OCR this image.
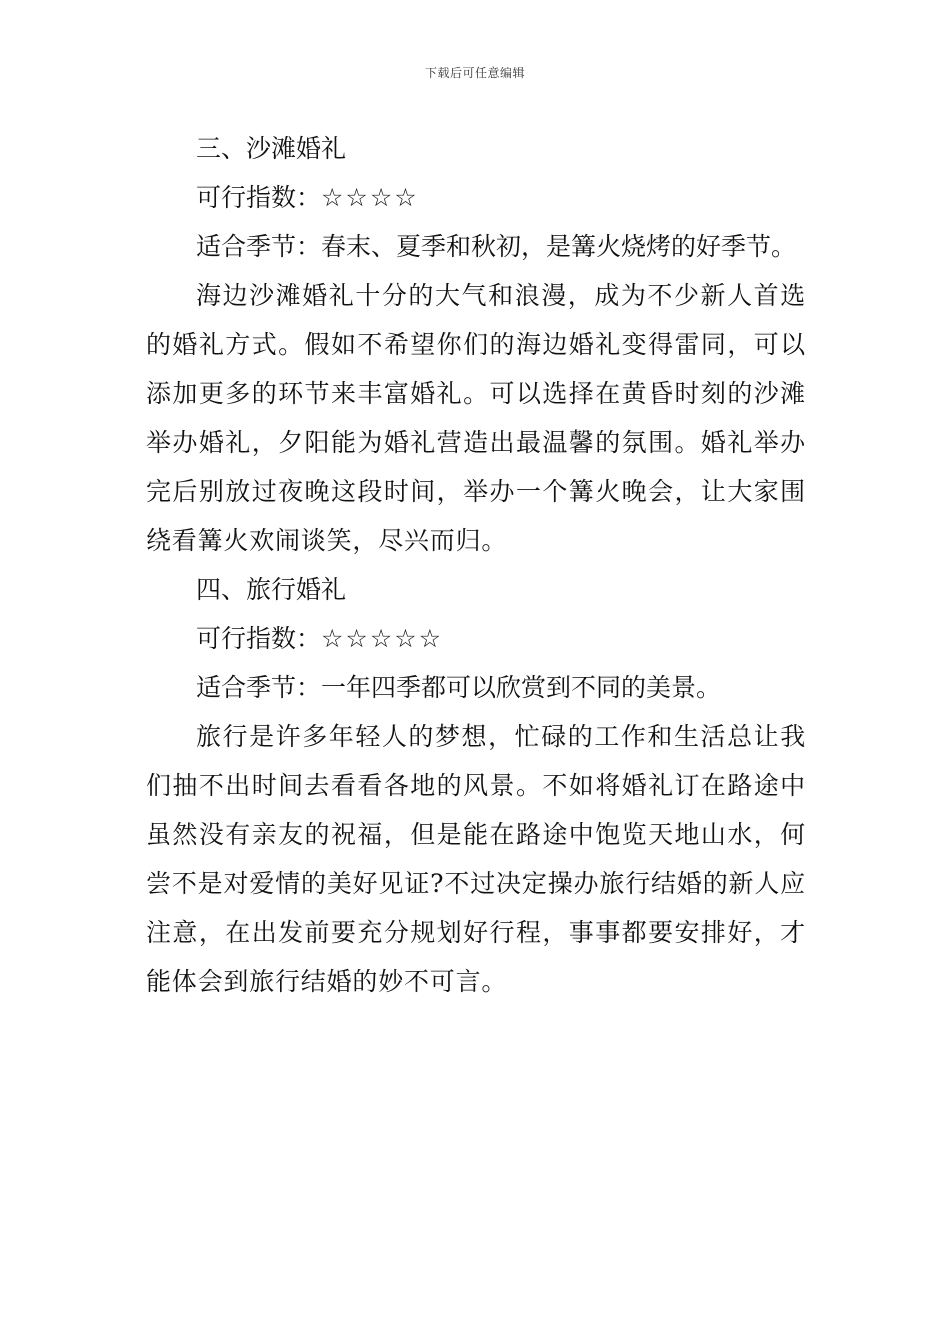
下载后可任意编辑

三、沙滩婚礼

可行指数：☆☆☆☆

适合季节：春末、夏季和秋初，是篝火烧烤的好季节。

海边沙滩婚礼十分的大气和浪漫，成为不少新人首选的婚礼方式。假如不希望你们的海边婚礼变得雷同，可以添加更多的环节来丰富婚礼。可以选择在黄昏时刻的沙滩举办婚礼，夕阳能为婚礼营造出最温馨的氛围。婚礼举办完后别放过夜晚这段时间，举办一个篝火晚会，让大家围绕看篝火欢闹谈笑，尽兴而归。

四、旅行婚礼

可行指数：☆☆☆☆☆

适合季节：一年四季都可以欣赏到不同的美景。

旅行是许多年轻人的梦想，忙碌的工作和生活总让我们抽不出时间去看看各地的风景。不如将婚礼订在路途中虽然没有亲友的祝福，但是能在路途中饱览天地山水，何尝不是对爱情的美好见证?不过决定操办旅行结婚的新人应注意，在出发前要充分规划好行程，事事都要安排好，才能体会到旅行结婚的妙不可言。
